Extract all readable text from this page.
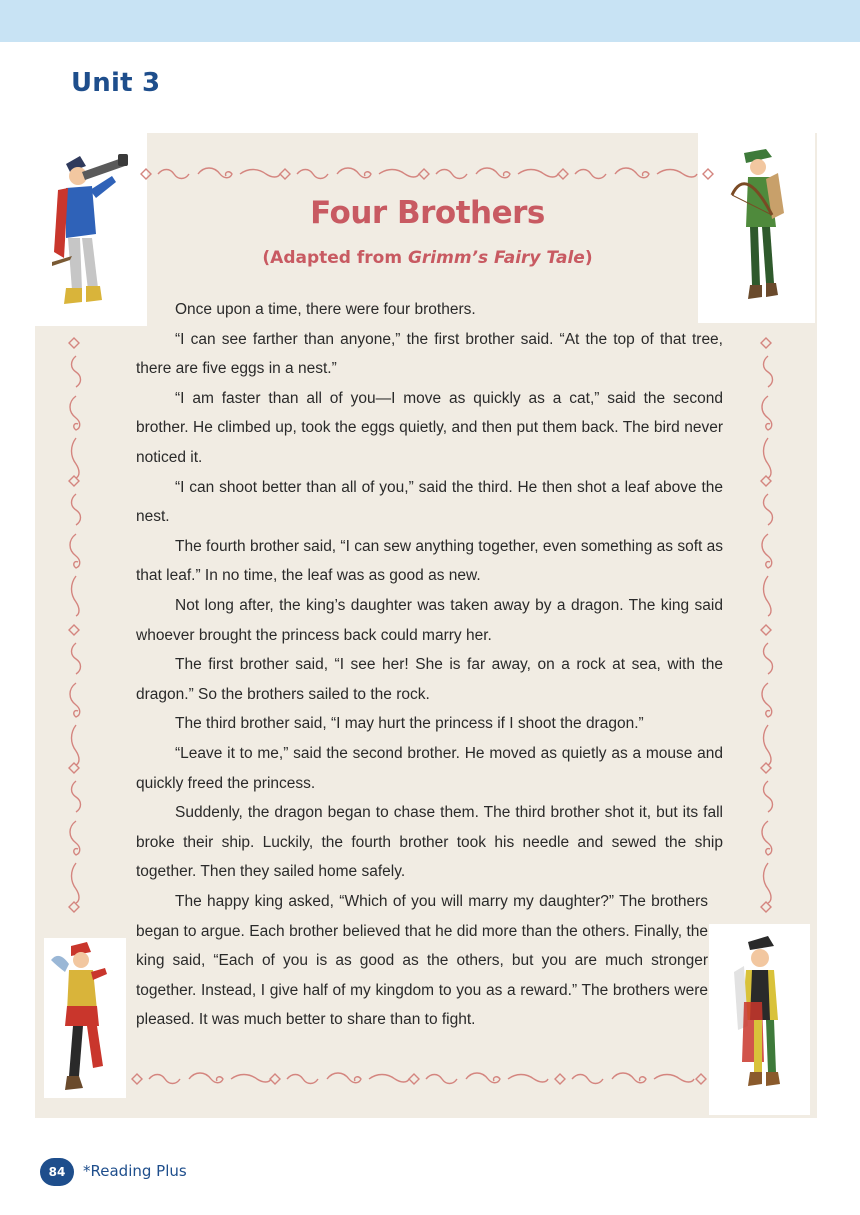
Unit 3
Four Brothers
(Adapted from Grimm’s Fairy Tale)

Once upon a time, there were four brothers.

“I can see farther than anyone,” the first brother said. “At the top of that tree, there are five eggs in a nest.”

“I am faster than all of you—I move as quickly as a cat,” said the second brother. He climbed up, took the eggs quietly, and then put them back. The bird never noticed it.

“I can shoot better than all of you,” said the third. He then shot a leaf above the nest.

The fourth brother said, “I can sew anything together, even something as soft as that leaf.” In no time, the leaf was as good as new.

Not long after, the king’s daughter was taken away by a dragon. The king said whoever brought the princess back could marry her.

The first brother said, “I see her! She is far away, on a rock at sea, with the dragon.” So the brothers sailed to the rock.

The third brother said, “I may hurt the princess if I shoot the dragon.”

“Leave it to me,” said the second brother. He moved as quietly as a mouse and quickly freed the princess.

Suddenly, the dragon began to chase them. The third brother shot it, but its fall broke their ship. Luckily, the fourth brother took his needle and sewed the ship together. Then they sailed home safely.

The happy king asked, “Which of you will marry my daughter?” The brothers began to argue. Each brother believed that he did more than the others. Finally, the king said, “Each of you is as good as the others, but you are much stronger together. Instead, I give half of my kingdom to you as a reward.” The brothers were pleased. It was much better to share than to fight.

84	*Reading Plus
